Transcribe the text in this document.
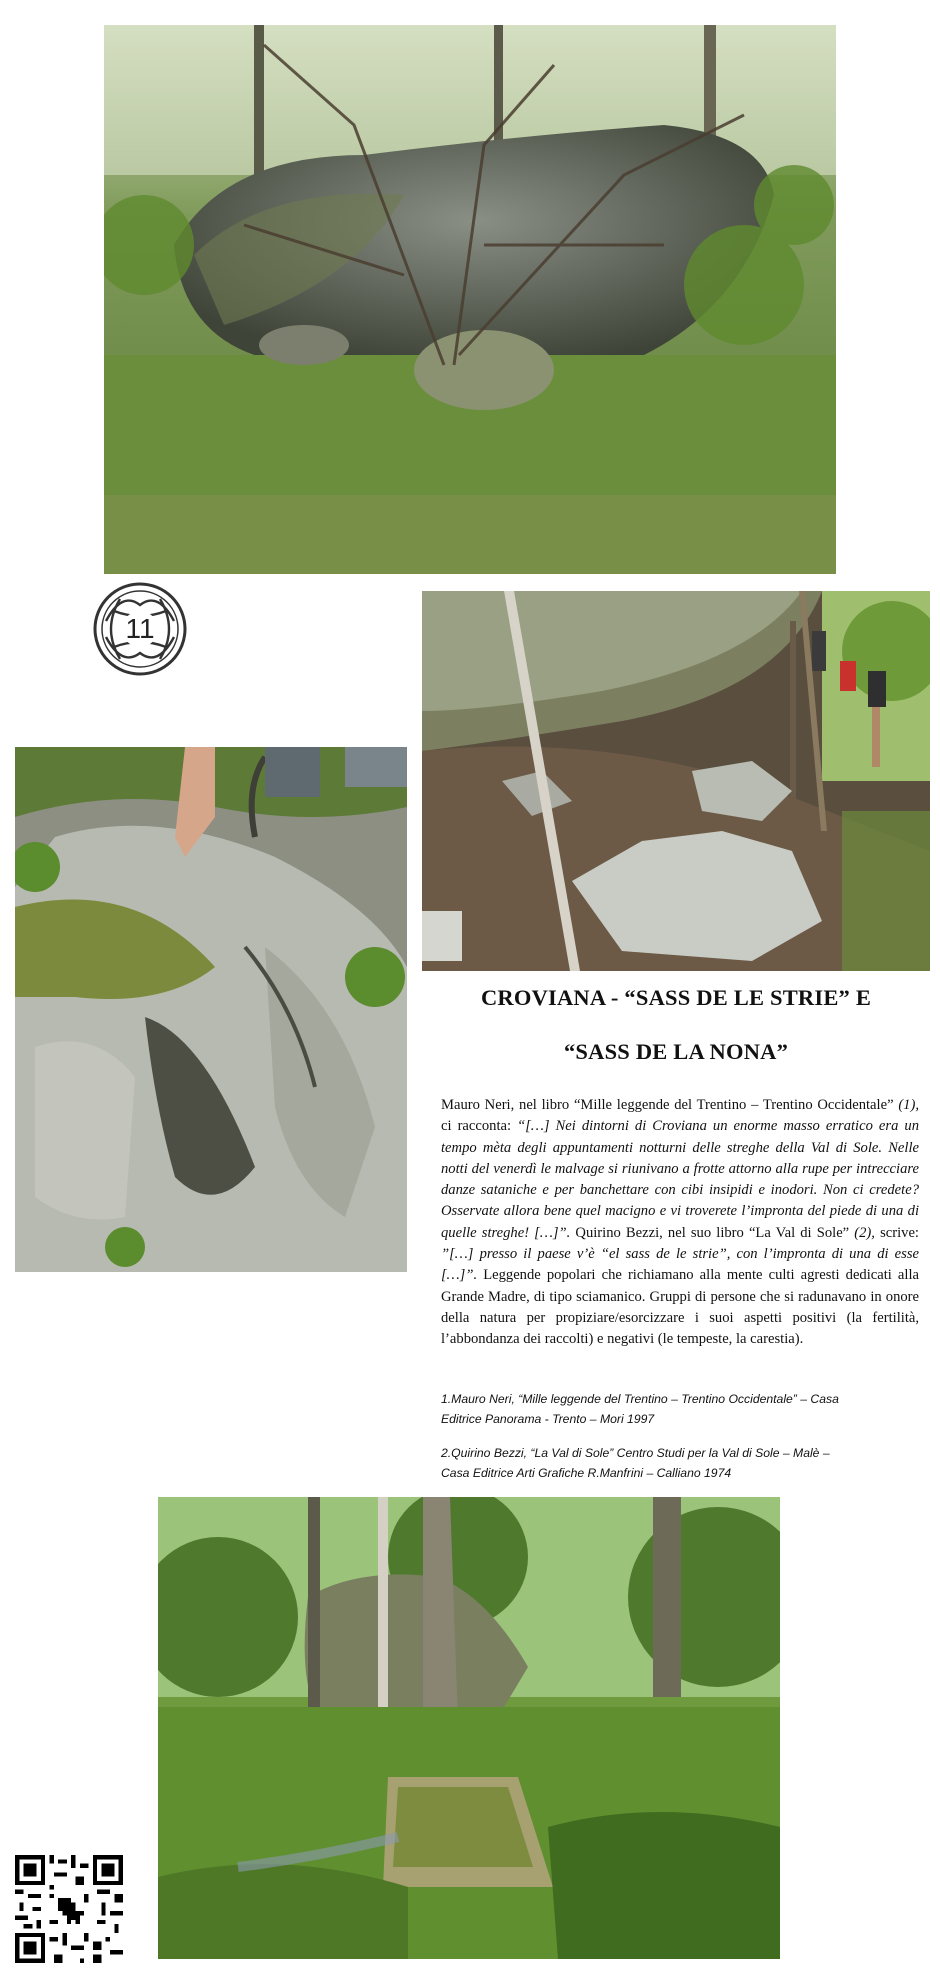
11
CROVIANA - “SASS DE LE STRIE” E
“SASS DE LA NONA”
Mauro Neri, nel libro “Mille leggende del Trentino – Trentino Occidentale” (1), ci racconta: “[…] Nei dintorni di Croviana un enorme masso erratico era un tempo mèta degli appuntamenti notturni delle streghe della Val di Sole. Nelle notti del venerdì le malvage si riunivano a frotte attorno alla rupe per intrecciare danze sataniche e per banchettare con cibi insipidi e inodori. Non ci credete? Osservate allora bene quel macigno e vi troverete l’impronta del piede di una di quelle streghe! […]”. Quirino Bezzi, nel suo libro “La Val di Sole” (2), scrive: ”[…] presso il paese v’è “el sass de le strie”, con l’impronta di una di esse […]”. Leggende popolari che richiamano alla mente culti agresti dedicati alla Grande Madre, di tipo sciamanico. Gruppi di persone che si radunavano in onore della natura per propiziare/esorcizzare i suoi aspetti positivi (la fertilità, l’abbondanza dei raccolti) e negativi (le tempeste, la carestia).
1.Mauro Neri, “Mille leggende del Trentino – Trentino Occidentale” – Casa
Editrice Panorama - Trento – Mori 1997
2.Quirino Bezzi, “La Val di Sole” Centro Studi per la Val di Sole – Malè –
Casa Editrice Arti Grafiche R.Manfrini – Calliano 1974
